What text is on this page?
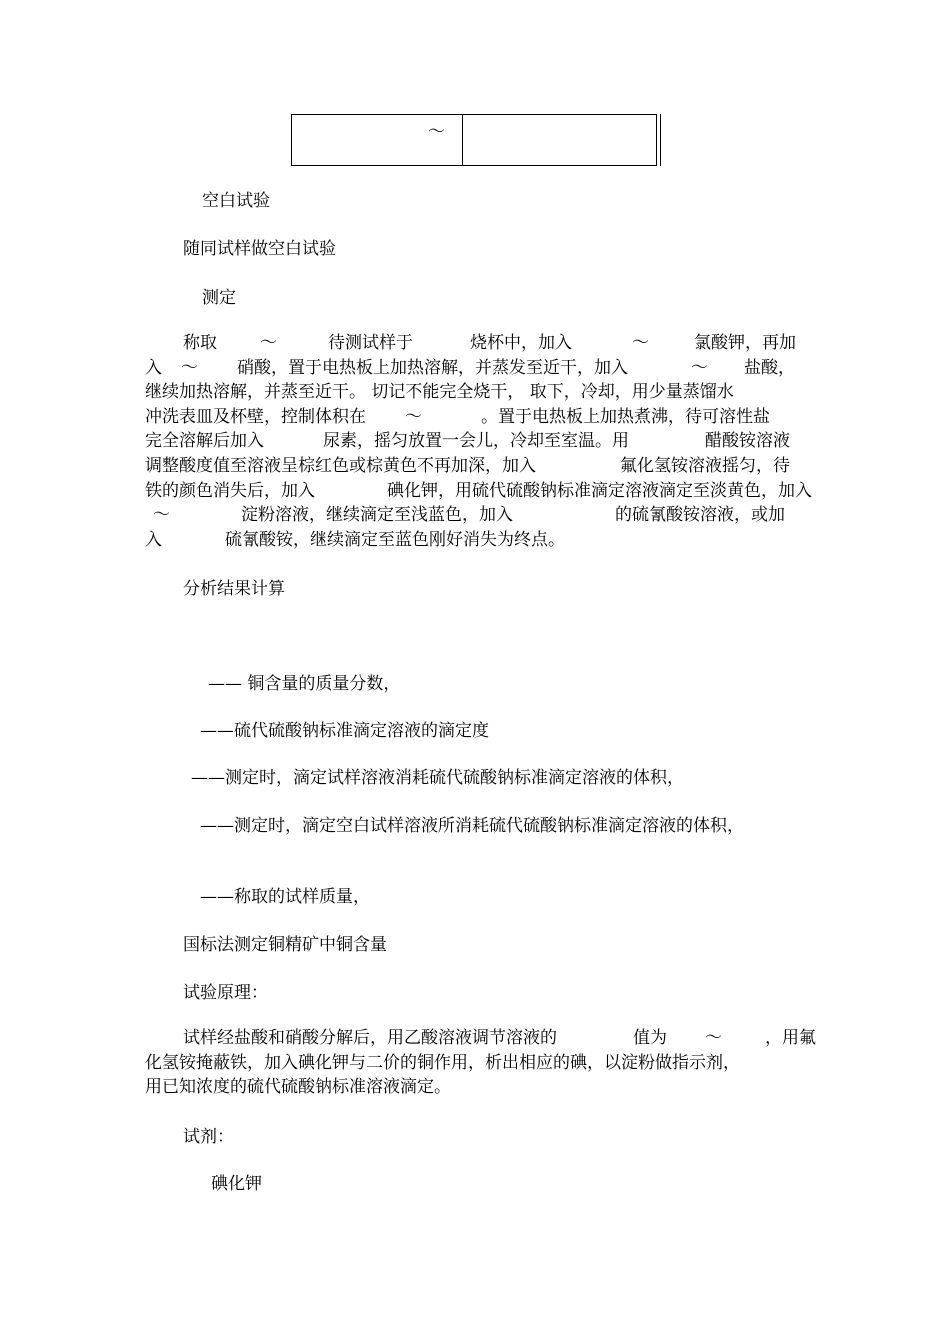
～
空白试验
随同试样做空白试验
测定
称取	～	待测试样于	烧杯中，加入	～	氯酸钾，再加
入 ～ 硝酸，置于电热板上加热溶解，并蒸发至近干，加入	～ 盐酸，
继续加热溶解，并蒸至近干。 切记不能完全烧干， 取下，冷却，用少量蒸馏水
冲洗表皿及杯壁，控制体积在 ～	。置于电热板上加热煮沸，待可溶性盐
完全溶解后加入	尿素，摇匀放置一会儿，冷却至室温。用	醋酸铵溶液
调整酸度值至溶液呈棕红色或棕黄色不再加深，加入	氟化氢铵溶液摇匀，待
铁的颜色消失后，加入	碘化钾，用硫代硫酸钠标准滴定溶液滴定至淡黄色，加入
～	淀粉溶液，继续滴定至浅蓝色，加入	的硫氰酸铵溶液，或加
入	硫氰酸铵，继续滴定至蓝色刚好消失为终点。
分析结果计算
—— 铜含量的质量分数，
——硫代硫酸钠标准滴定溶液的滴定度
——测定时，滴定试样溶液消耗硫代硫酸钠标准滴定溶液的体积，
——测定时，滴定空白试样溶液所消耗硫代硫酸钠标准滴定溶液的体积，
——称取的试样质量，
国标法测定铜精矿中铜含量
试验原理：
试样经盐酸和硝酸分解后，用乙酸溶液调节溶液的	值为 ～	，用氟
化氢铵掩蔽铁，加入碘化钾与二价的铜作用，析出相应的碘，以淀粉做指示剂，
用已知浓度的硫代硫酸钠标准溶液滴定。
试剂：
碘化钾
